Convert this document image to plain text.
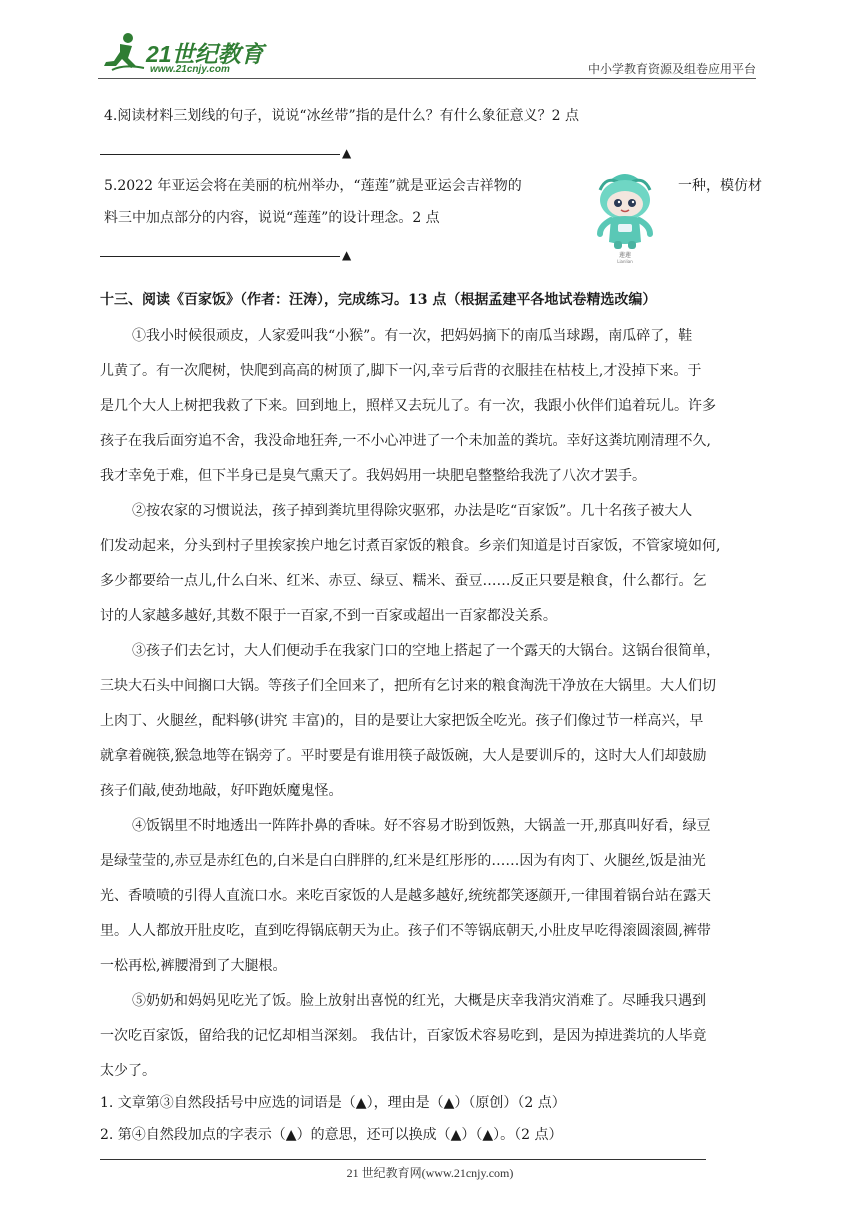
21世纪教育
www.21cnjy.com	中小学教育资源及组卷应用平台
4.阅读材料三划线的句子，说说“冰丝带”指的是什么？有什么象征意义？2 点
▲
5.2022 年亚运会将在美丽的杭州举办，“莲莲”就是亚运会吉祥物的	一种，模仿材
料三中加点部分的内容，说说“莲莲”的设计理念。2 点
▲	莲莲
Lianlian
十三、阅读《百家饭》（作者：汪涛），完成练习。13 点（根据孟建平各地试卷精选改编）
①我小时候很顽皮，人家爱叫我“小猴”。有一次，把妈妈摘下的南瓜当球踢，南瓜碎了，鞋
儿黄了。有一次爬树，快爬到高高的树顶了,脚下一闪,幸亏后背的衣服挂在枯枝上,才没掉下来。于
是几个大人上树把我救了下来。回到地上，照样又去玩儿了。有一次，我跟小伙伴们追着玩儿。许多
孩子在我后面穷追不舍，我没命地狂奔,一不小心冲进了一个未加盖的粪坑。幸好这粪坑刚清理不久,
我才幸免于难，但下半身已是臭气熏天了。我妈妈用一块肥皂整整给我洗了八次才罢手。
②按农家的习惯说法，孩子掉到粪坑里得除灾驱邪，办法是吃“百家饭”。几十名孩子被大人
们发动起来，分头到村子里挨家挨户地乞讨煮百家饭的粮食。乡亲们知道是讨百家饭，不管家境如何,
多少都要给一点儿,什么白米、红米、赤豆、绿豆、糯米、蚕豆……反正只要是粮食，什么都行。乞
讨的人家越多越好,其数不限于一百家,不到一百家或超出一百家都没关系。
③孩子们去乞讨，大人们便动手在我家门口的空地上搭起了一个露天的大锅台。这锅台很简单，
三块大石头中间搁口大锅。等孩子们全回来了，把所有乞讨来的粮食淘洗干净放在大锅里。大人们切
上肉丁、火腿丝，配料够(讲究 丰富)的，目的是要让大家把饭全吃光。孩子们像过节一样高兴，早
就拿着碗筷,猴急地等在锅旁了。平时要是有谁用筷子敲饭碗，大人是要训斥的，这时大人们却鼓励
孩子们敲,使劲地敲，好吓跑妖魔鬼怪。
④饭锅里不时地透出一阵阵扑鼻的香味。好不容易才盼到饭熟，大锅盖一开,那真叫好看，绿豆
是绿莹莹的,赤豆是赤红色的,白米是白白胖胖的,红米是红彤彤的……因为有肉丁、火腿丝,饭是油光
光、香喷喷的引得人直流口水。来吃百家饭的人是越多越好,统统都笑逐颜开,一律围着锅台站在露天
里。人人都放开肚皮吃，直到吃得锅底朝天为止。孩子们不等锅底朝天,小肚皮早吃得滚圆滚圆,裤带
一松再松,裤腰滑到了大腿根。
⑤奶奶和妈妈见吃光了饭。脸上放射出喜悦的红光，大概是庆幸我消灾消难了。尽睡我只遇到
一次吃百家饭，留给我的记忆却相当深刻。 我估计，百家饭术容易吃到，是因为掉进粪坑的人毕竟
太少了。
1. 文章第③自然段括号中应选的词语是（▲），理由是（▲）（原创）（2 点）
2. 第④自然段加点的字表示（▲）的意思，还可以换成（▲）（▲）。（2 点）
21 世纪教育网(www.21cnjy.com)
